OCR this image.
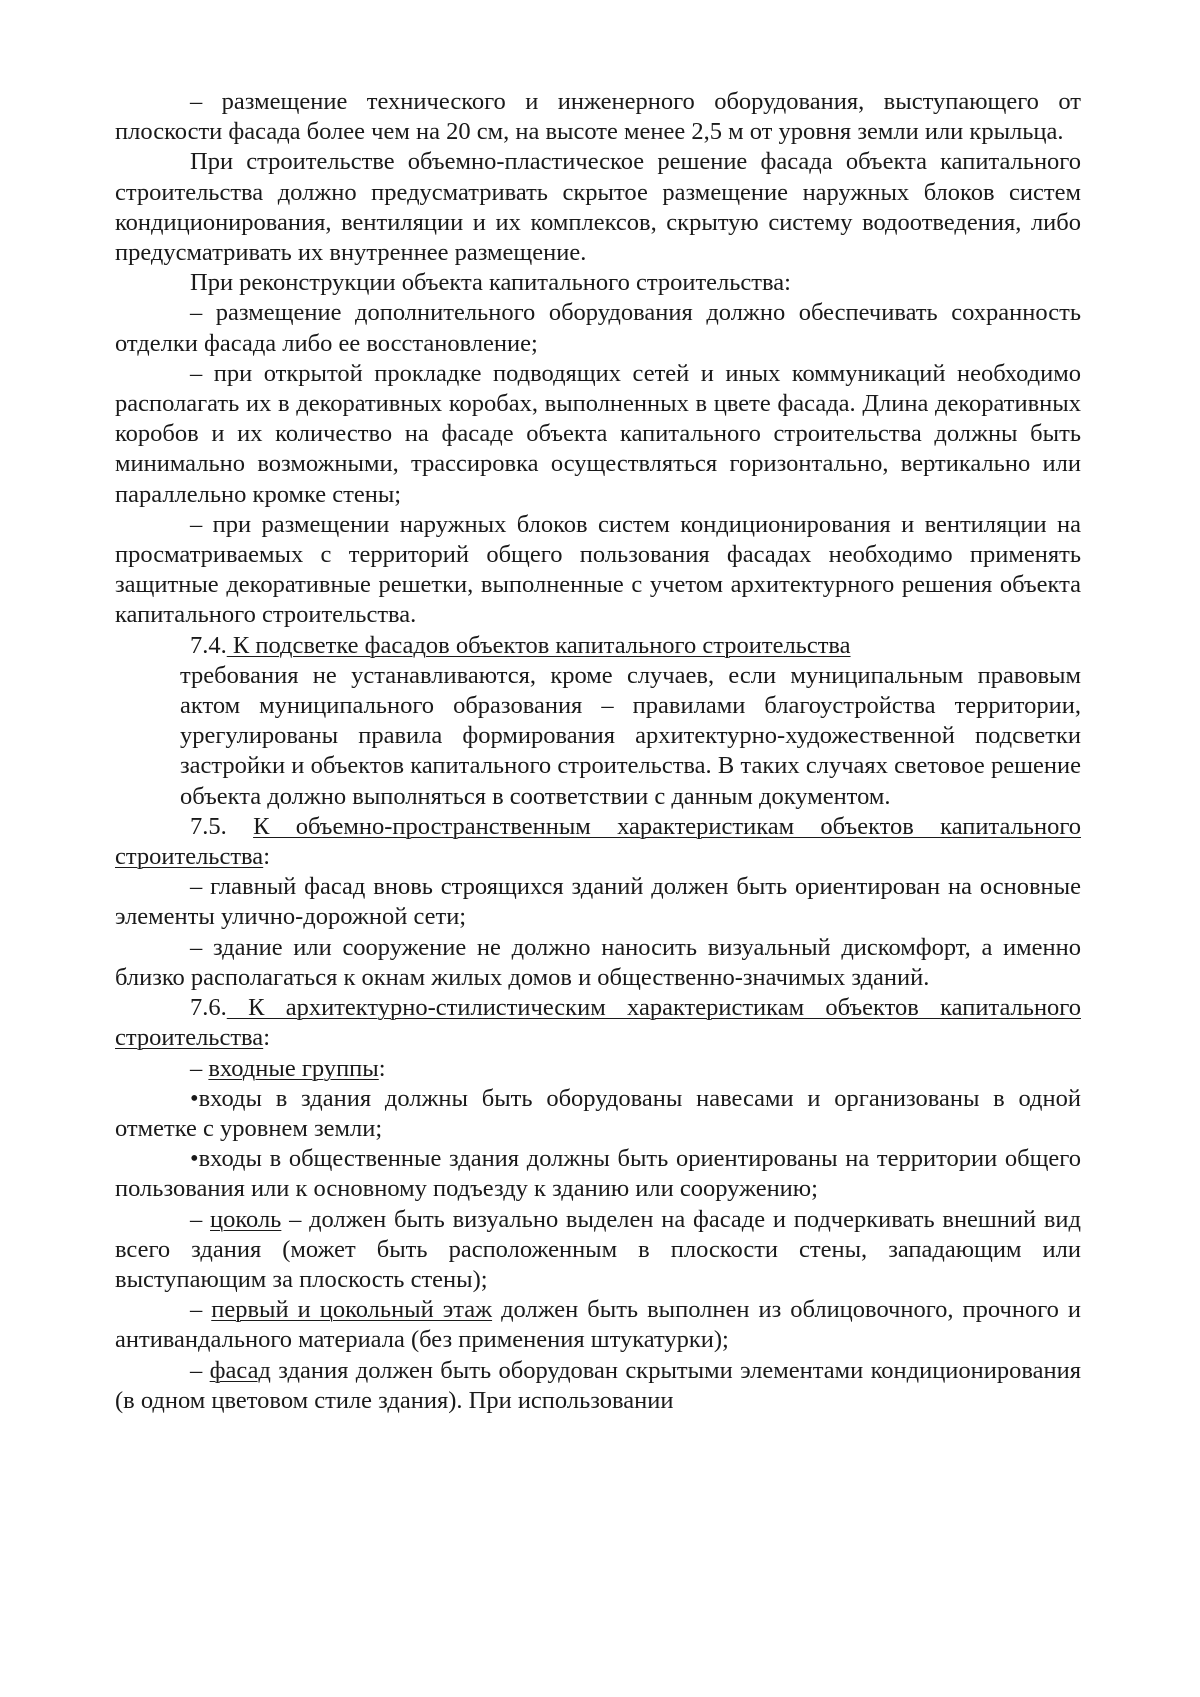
– размещение технического и инженерного оборудования, выступающего от плоскости фасада более чем на 20 см, на высоте менее 2,5 м от уровня земли или крыльца.

При строительстве объемно-пластическое решение фасада объекта капитального строительства должно предусматривать скрытое размещение наружных блоков систем кондиционирования, вентиляции и их комплексов, скрытую систему водоотведения, либо предусматривать их внутреннее размещение.

При реконструкции объекта капитального строительства:

– размещение дополнительного оборудования должно обеспечивать сохранность отделки фасада либо ее восстановление;

– при открытой прокладке подводящих сетей и иных коммуникаций необходимо располагать их в декоративных коробах, выполненных в цвете фасада. Длина декоративных коробов и их количество на фасаде объекта капитального строительства должны быть минимально возможными, трассировка осуществляться горизонтально, вертикально или параллельно кромке стены;

– при размещении наружных блоков систем кондиционирования и вентиляции на просматриваемых с территорий общего пользования фасадах необходимо применять защитные декоративные решетки, выполненные с учетом архитектурного решения объекта капитального строительства.

7.4. К подсветке фасадов объектов капитального строительства
требования не устанавливаются, кроме случаев, если муниципальным правовым актом муниципального образования – правилами благоустройства территории, урегулированы правила формирования архитектурно-художественной подсветки застройки и объектов капитального строительства. В таких случаях световое решение объекта должно выполняться в соответствии с данным документом.

7.5. К объемно-пространственным характеристикам объектов капитального строительства:

– главный фасад вновь строящихся зданий должен быть ориентирован на основные элементы улично-дорожной сети;

– здание или сооружение не должно наносить визуальный дискомфорт, а именно близко располагаться к окнам жилых домов и общественно-значимых зданий.

7.6. К архитектурно-стилистическим характеристикам объектов капитального строительства:

– входные группы:

•входы в здания должны быть оборудованы навесами и организованы в одной отметке с уровнем земли;

•входы в общественные здания должны быть ориентированы на территории общего пользования или к основному подъезду к зданию или сооружению;

– цоколь – должен быть визуально выделен на фасаде и подчеркивать внешний вид всего здания (может быть расположенным в плоскости стены, западающим или выступающим за плоскость стены);

– первый и цокольный этаж должен быть выполнен из облицовочного, прочного и антивандального материала (без применения штукатурки);

– фасад здания должен быть оборудован скрытыми элементами кондиционирования (в одном цветовом стиле здания). При использовании
